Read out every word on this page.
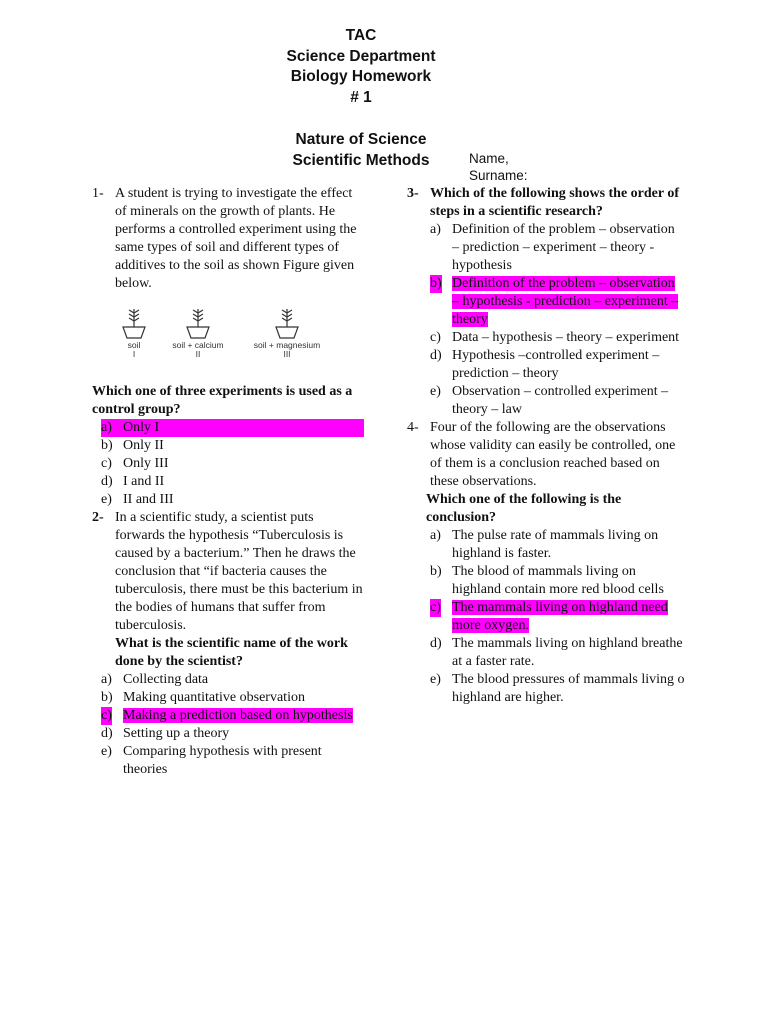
TAC
Science Department
Biology Homework
# 1
Nature of Science
Scientific Methods	Name,
Surname:
1- A student is trying to investigate the effect of minerals on the growth of plants. He performs a controlled experiment using the same types of soil and different types of additives to the soil as shown Figure given below.
soil
I
soil + calcium
II
soil + magnesium
III
Which one of three experiments is used as a control group?
a) Only I
b) Only II
c) Only III
d) I and II
e) II and III
2- In a scientific study, a scientist puts forwards the hypothesis “Tuberculosis is caused by a bacterium.” Then he draws the conclusion that “if bacteria causes the tuberculosis, there must be this bacterium in the bodies of humans that suffer from tuberculosis.
What is the scientific name of the work done by the scientist?
a) Collecting data
b) Making quantitative observation
c) Making a prediction based on hypothesis
d) Setting up a theory
e) Comparing hypothesis with present theories
3- Which of the following shows the order of steps in a scientific research?
a) Definition of the problem – observation – prediction – experiment – theory - hypothesis
b) Definition of the problem – observation – hypothesis - prediction – experiment – theory
c) Data – hypothesis – theory – experiment
d) Hypothesis –controlled experiment – prediction – theory
e) Observation – controlled experiment – theory – law
4- Four of the following are the observations whose validity can easily be controlled, one of them is a conclusion reached based on these observations.
Which one of the following is the conclusion?
a) The pulse rate of mammals living on highland is faster.
b) The blood of mammals living on highland contain more red blood cells
c) The mammals living on highland need more oxygen.
d) The mammals living on highland breathe at a faster rate.
e) The blood pressures of mammals living o highland are higher.
